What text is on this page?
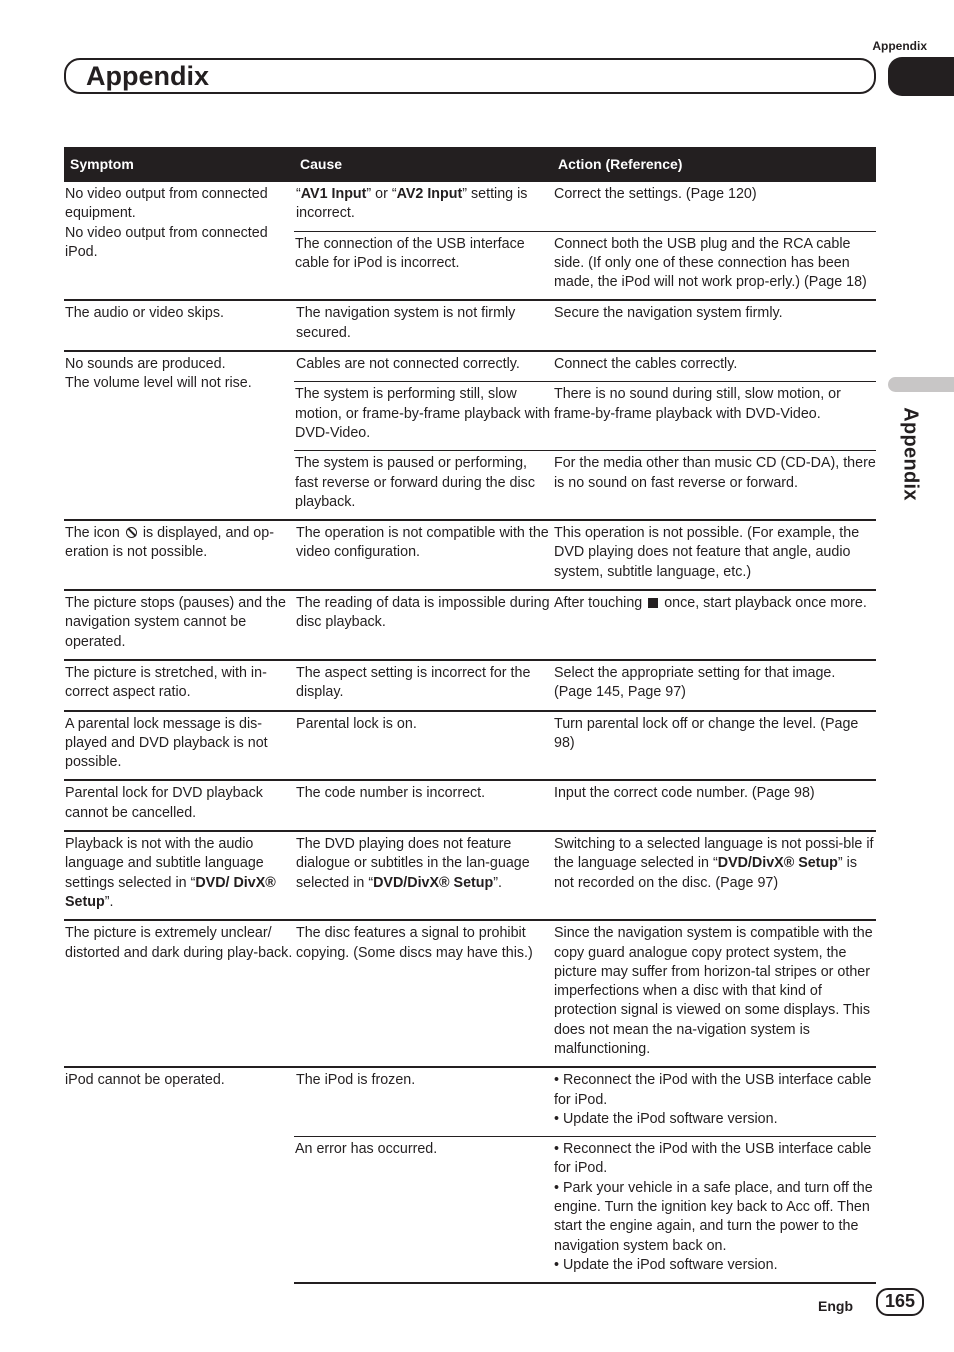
Appendix
Appendix
Appendix
Symptom	Cause	Action (Reference)

No video output from connected equipment.
No video output from connected iPod.	“AV1 Input” or “AV2 Input” setting is incorrect.	Correct the settings. (Page 120)
	The connection of the USB interface cable for iPod is incorrect.	Connect both the USB plug and the RCA cable side. (If only one of these connection has been made, the iPod will not work prop-erly.) (Page 18)
The audio or video skips.	The navigation system is not firmly secured.	Secure the navigation system firmly.

No sounds are produced.
The volume level will not rise.	Cables are not connected correctly.	Connect the cables correctly.
	The system is performing still, slow motion, or frame-by-frame playback with DVD-Video.	There is no sound during still, slow motion, or frame-by-frame playback with DVD-Video.
	The system is paused or performing, fast reverse or forward during the disc playback.	For the media other than music CD (CD-DA), there is no sound on fast reverse or forward.
The icon is displayed, and op-eration is not possible.	The operation is not compatible with the video configuration.	This operation is not possible. (For example, the DVD playing does not feature that angle, audio system, subtitle language, etc.)
The picture stops (pauses) and the navigation system cannot be operated.	The reading of data is impossible during disc playback.	After touching once, start playback once more.
The picture is stretched, with in-correct aspect ratio.	The aspect setting is incorrect for the display.	Select the appropriate setting for that image. (Page 145, Page 97)
A parental lock message is dis-played and DVD playback is not possible.	Parental lock is on.	Turn parental lock off or change the level. (Page 98)
Parental lock for DVD playback cannot be cancelled.	The code number is incorrect.	Input the correct code number. (Page 98)
Playback is not with the audio language and subtitle language settings selected in “DVD/ DivX® Setup”.	The DVD playing does not feature dialogue or subtitles in the lan-guage selected in “DVD/DivX® Setup”.	Switching to a selected language is not possi-ble if the language selected in “DVD/DivX® Setup” is not recorded on the disc. (Page 97)
The picture is extremely unclear/ distorted and dark during play-back.	The disc features a signal to prohibit copying. (Some discs may have this.)	Since the navigation system is compatible with the copy guard analogue copy protect system, the picture may suffer from horizon-tal stripes or other imperfections when a disc with that kind of protection signal is viewed on some displays. This does not mean the na-vigation system is malfunctioning.
iPod cannot be operated.	The iPod is frozen.	• Reconnect the iPod with the USB interface cable for iPod.
• Update the iPod software version.

	An error has occurred.	• Reconnect the iPod with the USB interface cable for iPod.
• Park your vehicle in a safe place, and turn off the engine. Turn the ignition key back to Acc off. Then start the engine again, and turn the power to the navigation system back on.
• Update the iPod software version.
Engb	165
